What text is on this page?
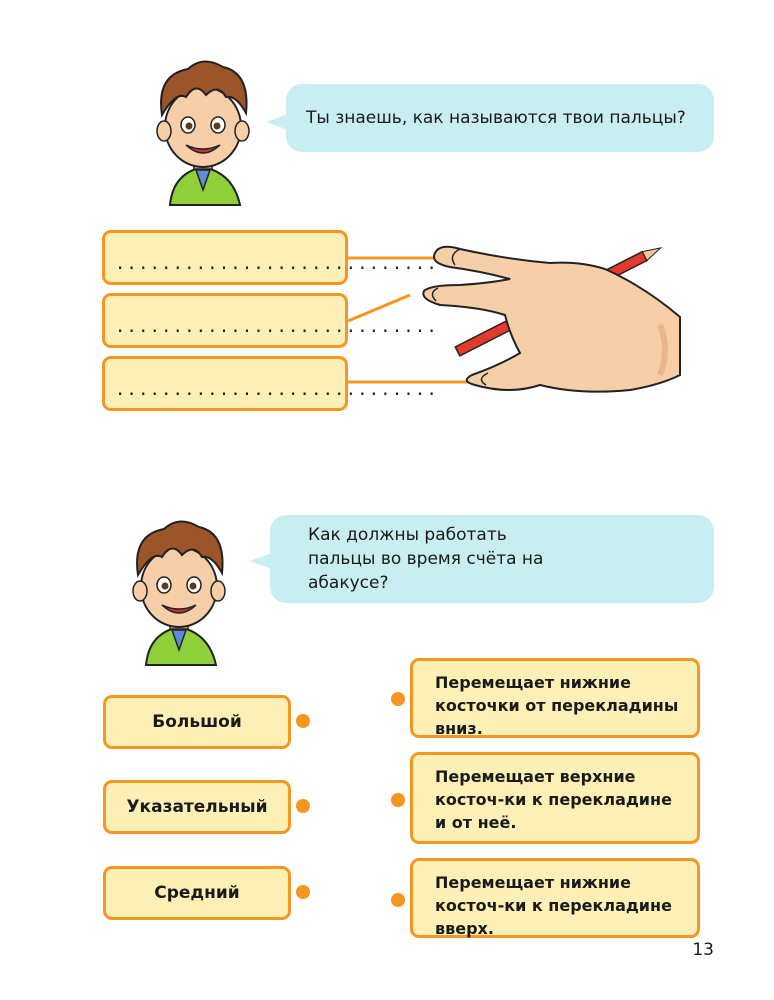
Ты знаешь, как называются твои пальцы?
............................
............................
............................
Как должны работать пальцы во время счёта на абакусе?
Большой
Указательный
Средний
Перемещает нижние косточки от перекладины вниз.
Перемещает верхние косточ-ки к перекладине и от неё.
Перемещает нижние косточ-ки к перекладине вверх.
13
